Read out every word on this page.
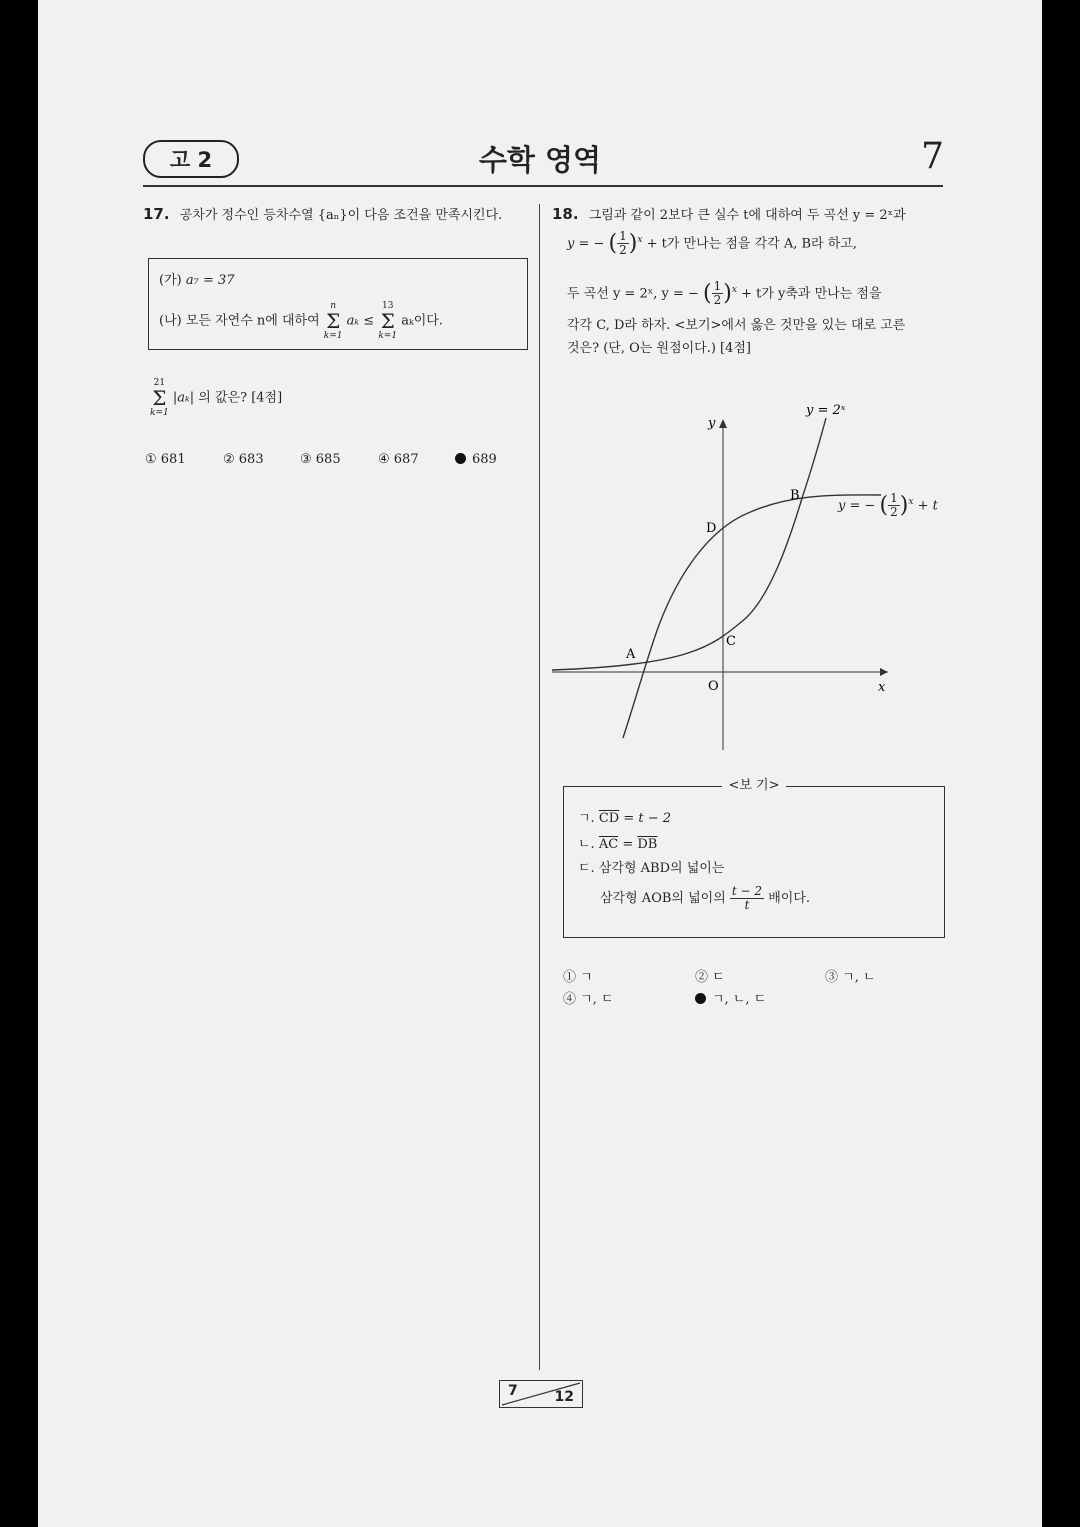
고 2	수학 영역	7
17. 공차가 정수인 등차수열 {aₙ}이 다음 조건을 만족시킨다.
(가) a₇ = 37
(나) 모든 자연수 n에 대하여
n
Σ
k=1
aₖ ≤
13
Σ
k=1
aₖ이다.
21
Σ
k=1
|aₖ| 의 값은? [4점]
① 681	② 683	③ 685	④ 687	689
18. 그림과 같이 2보다 큰 실수 t에 대하여 두 곡선 y = 2ˣ과
y = − ( $\frac{1}{2} )^x + t$가 만나는 점을 각각 A, B라 하고,
두 곡선 y = 2ˣ, y = − ( $\frac{1}{2} )^x + t$가 y축과 만나는 점을
각각 C, D라 하자. <보기>에서 옳은 것만을 있는 대로 고른
것은? (단, O는 원점이다.) [4점]
y
x
O
A
B
C
D
y = 2ˣ
y = − ( $\frac{1}{2} )^x + t$
<보 기>
ㄱ. $\overline{CD} = t - 2$
ㄴ. $\overline{AC} = \overline{DB}$
ㄷ. 삼각형 ABD의 넓이는
삼각형 AOB의 넓이의 $\frac{t - 2}{t}$ 배이다.
① ㄱ	② ㄷ	③ ㄱ, ㄴ
④ ㄱ, ㄷ	ㄱ, ㄴ, ㄷ
7	12
